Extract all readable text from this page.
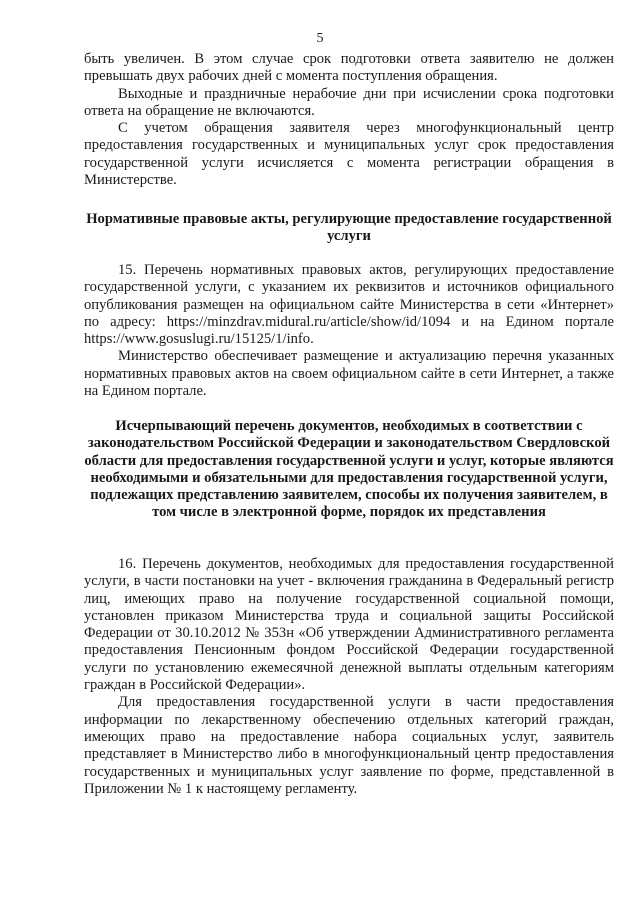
5

быть увеличен. В этом случае срок подготовки ответа заявителю не должен превышать двух рабочих дней с момента поступления обращения.

Выходные и праздничные нерабочие дни при исчислении срока подготовки ответа на обращение не включаются.

С учетом обращения заявителя через многофункциональный центр предоставления государственных и муниципальных услуг срок предоставления государственной услуги исчисляется с момента регистрации обращения в Министерстве.

Нормативные правовые акты, регулирующие предоставление государственной услуги

15. Перечень нормативных правовых актов, регулирующих предоставление государственной услуги, с указанием их реквизитов и источников официального опубликования размещен на официальном сайте Министерства в сети «Интернет» по адресу: https://minzdrav.midural.ru/article/show/id/1094 и на Едином портале https://www.gosuslugi.ru/15125/1/info.

Министерство обеспечивает размещение и актуализацию перечня указанных нормативных правовых актов на своем официальном сайте в сети Интернет, а также на Едином портале.

Исчерпывающий перечень документов, необходимых в соответствии с законодательством Российской Федерации и законодательством Свердловской области для предоставления государственной услуги и услуг, которые являются необходимыми и обязательными для предоставления государственной услуги, подлежащих представлению заявителем, способы их получения заявителем, в том числе в электронной форме, порядок их представления

16. Перечень документов, необходимых для предоставления государственной услуги, в части постановки на учет - включения гражданина в Федеральный регистр лиц, имеющих право на получение государственной социальной помощи, установлен приказом Министерства труда и социальной защиты Российской Федерации от 30.10.2012 № 353н «Об утверждении Административного регламента предоставления Пенсионным фондом Российской Федерации государственной услуги по установлению ежемесячной денежной выплаты отдельным категориям граждан в Российской Федерации».

Для предоставления государственной услуги в части предоставления информации по лекарственному обеспечению отдельных категорий граждан, имеющих право на предоставление набора социальных услуг, заявитель представляет в Министерство либо в многофункциональный центр предоставления государственных и муниципальных услуг заявление по форме, представленной в Приложении № 1 к настоящему регламенту.
